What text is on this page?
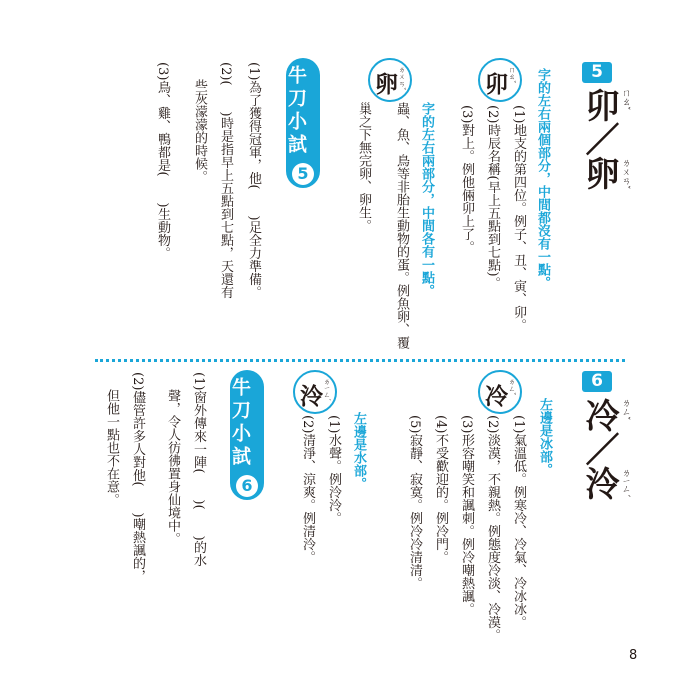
5
卯／卵
ㄇㄠˇ
ㄌㄨㄢˇ
卯 ㄇㄠˇ 字的左右兩個部分，中間都沒有一點。
(1)地支的第四位。例子、丑、寅、卯。
(2)時辰名稱(早上五點到七點)。
(3)對上。例他倆卯上了。
卵 ㄌㄨㄢˇ
字的左右兩部分，中間各有一點。
蟲、魚、鳥等非胎生動物的蛋。例魚卵、覆
巢之下無完卵、卵生。
牛刀小試
5
(1)為了獲得冠軍，他(　　)足全力準備。
(2)(　　)時是指早上五點到七點，天還有
　 些灰濛濛的時候。
(3)鳥、雞、鴨都是(　　)生動物。
6
冷／泠
ㄌㄥˇ
ㄌㄧㄥˊ
冷 ㄌㄥˇ
左邊是冰部。
(1)氣溫低。例寒冷、冷氣、冷冰冰。
(2)淡漠，不親熱。例態度冷淡、冷漠。
(3)形容嘲笑和諷刺。例冷嘲熱諷。
(4)不受歡迎的。例冷門。
(5)寂靜、寂寞。例冷冷清清。
泠 ㄌㄧㄥˊ
左邊是水部。
(1)水聲。例泠泠。
(2)清淨、涼爽。例清泠。
牛刀小試
6
(1)窗外傳來一陣(　　)(　　)的水
　 聲，令人彷彿置身仙境中。
(2)儘管許多人對他(　　)嘲熱諷的，
　 但他一點也不在意。
8
